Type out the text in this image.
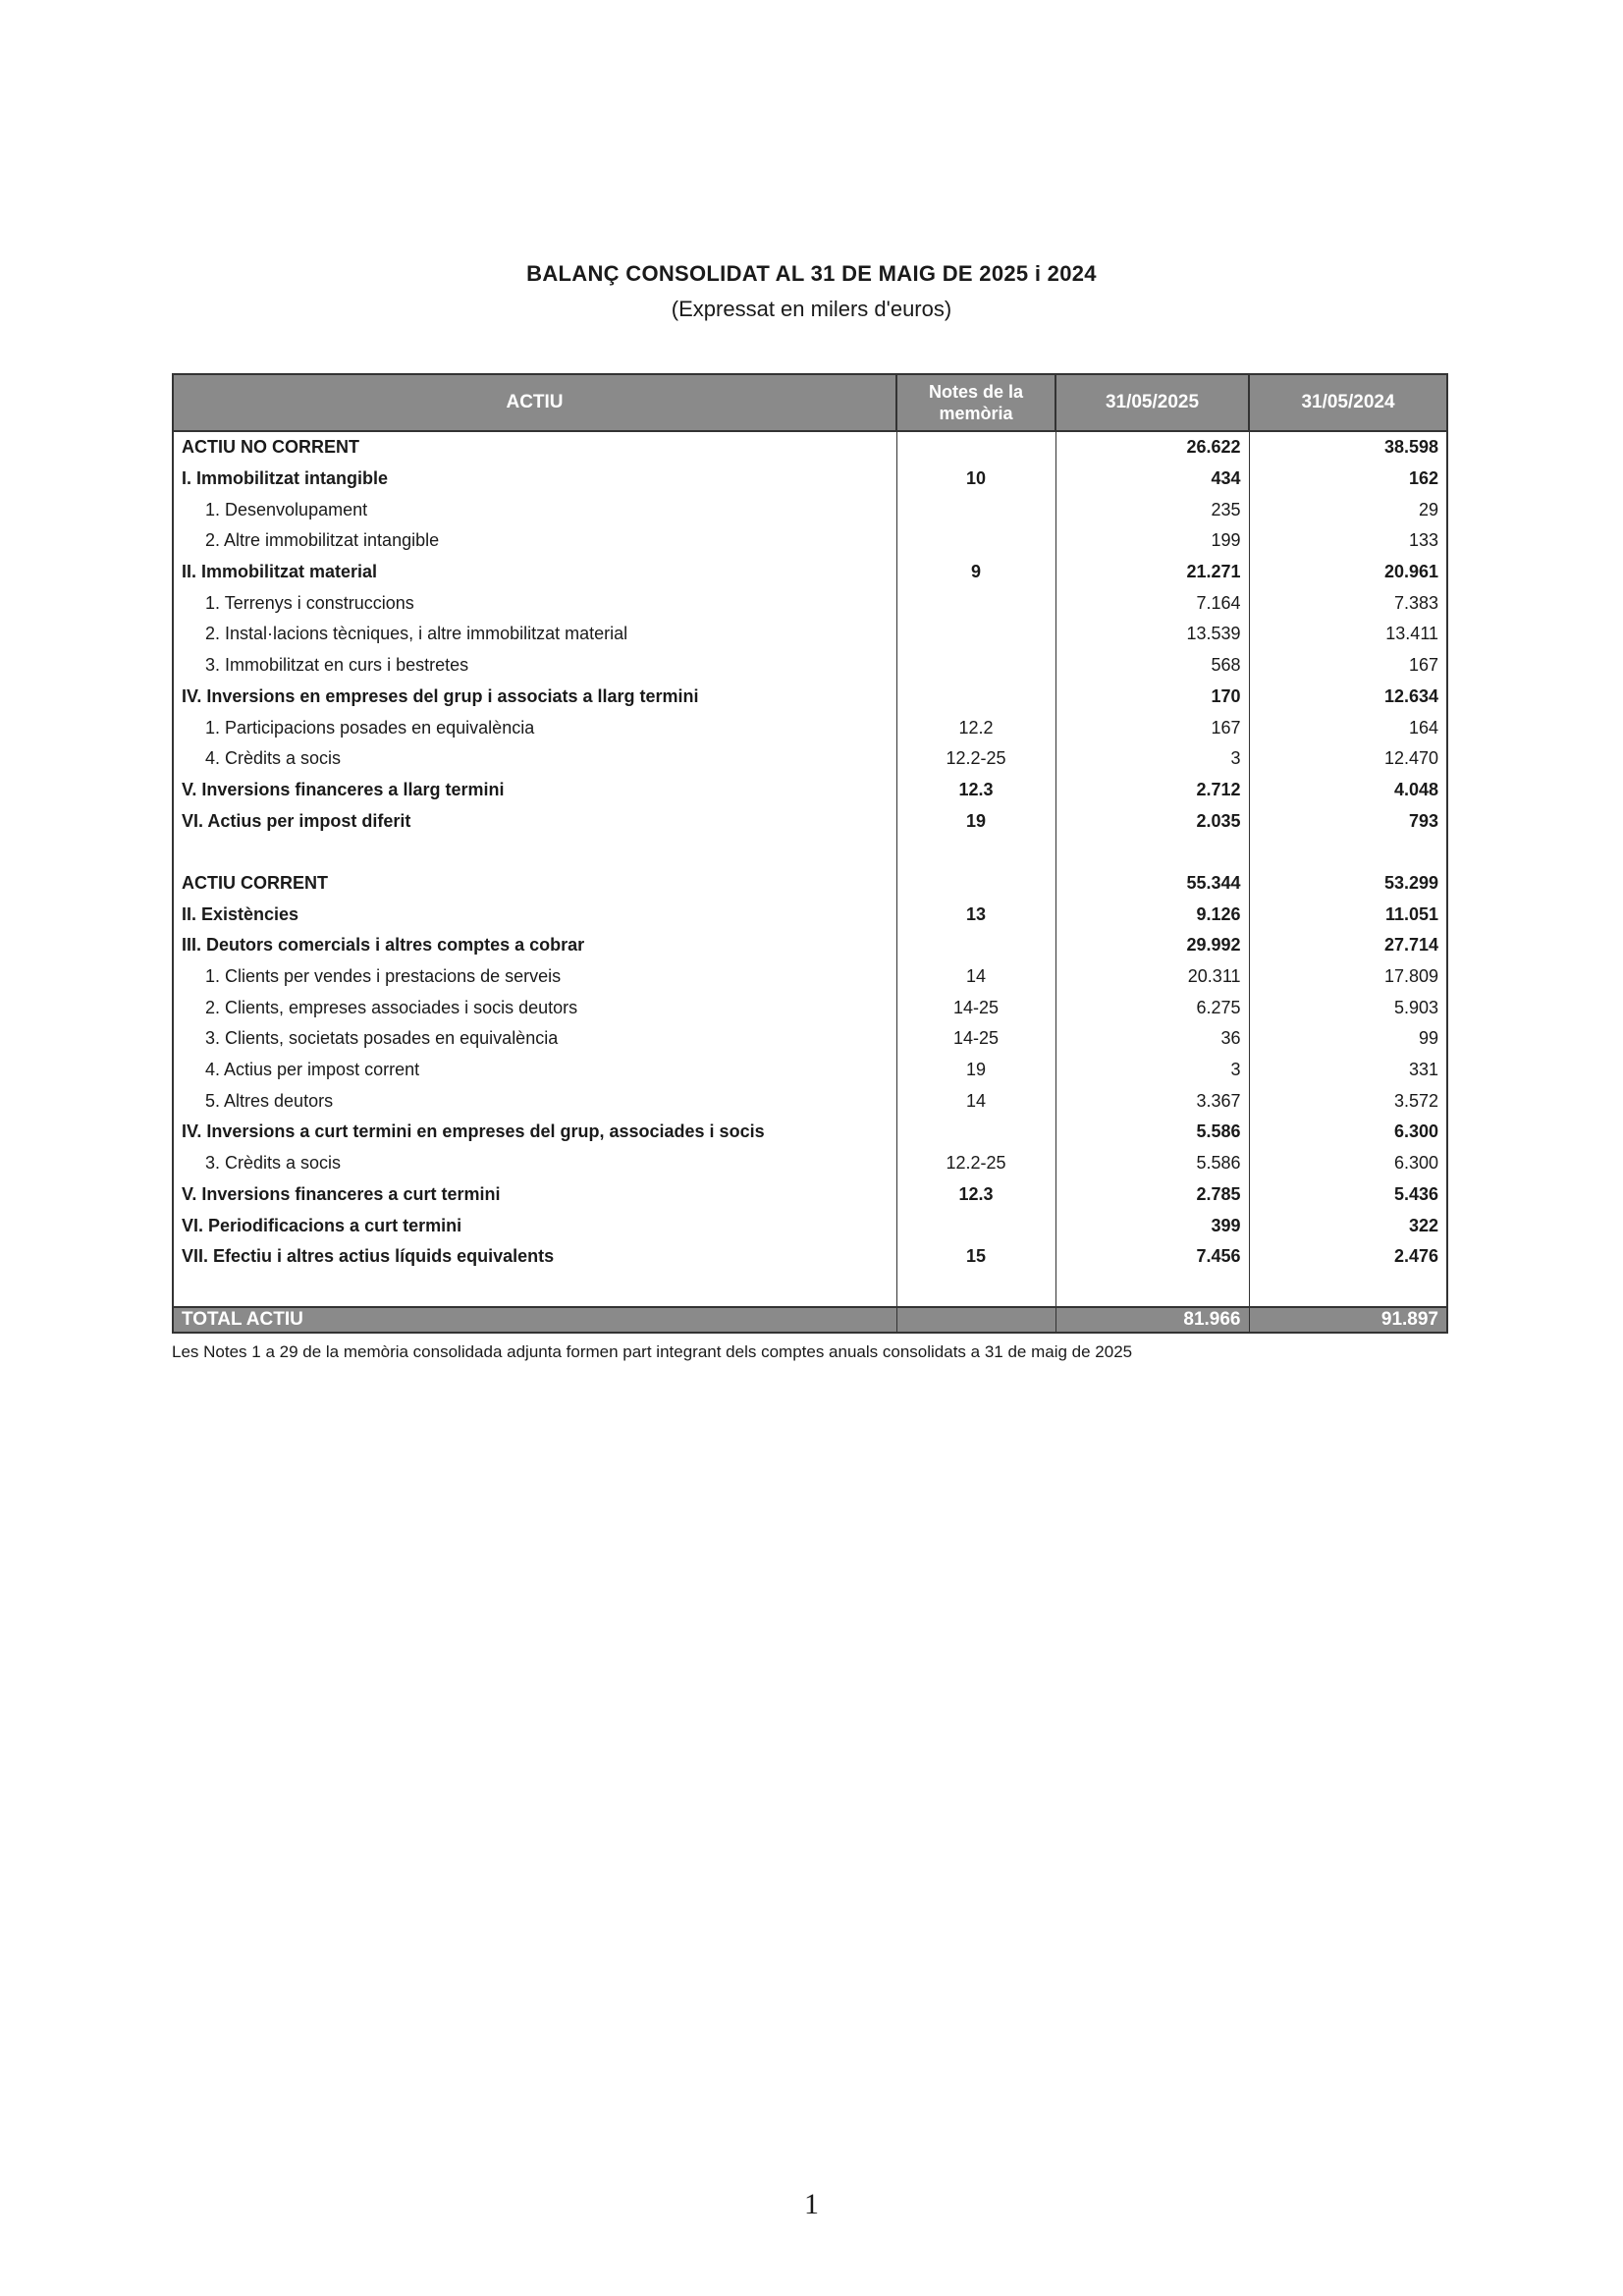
BALANÇ CONSOLIDAT AL 31 DE MAIG DE 2025 i 2024
(Expressat en milers d'euros)
ACTIU	Notes de la memòria	31/05/2025	31/05/2024
ACTIU NO CORRENT		26.622	38.598
I. Immobilitzat intangible	10	434	162
1. Desenvolupament		235	29
2. Altre immobilitzat intangible		199	133
II. Immobilitzat material	9	21.271	20.961
1. Terrenys i construccions		7.164	7.383
2. Instal·lacions tècniques, i altre immobilitzat material		13.539	13.411
3. Immobilitzat en curs i bestretes		568	167
IV. Inversions en empreses del grup i associats a llarg termini		170	12.634
1. Participacions posades en equivalència	12.2	167	164
4. Crèdits a socis	12.2-25	3	12.470
V. Inversions financeres a llarg termini	12.3	2.712	4.048
VI. Actius per impost diferit	19	2.035	793

ACTIU CORRENT		55.344	53.299
II. Existències	13	9.126	11.051
III. Deutors comercials i altres comptes a cobrar		29.992	27.714
1. Clients per vendes i prestacions de serveis	14	20.311	17.809
2. Clients, empreses associades i socis deutors	14-25	6.275	5.903
3. Clients, societats posades en equivalència	14-25	36	99
4. Actius per impost corrent	19	3	331
5. Altres deutors	14	3.367	3.572
IV. Inversions a curt termini en empreses del grup, associades i socis		5.586	6.300
3. Crèdits a socis	12.2-25	5.586	6.300
V. Inversions financeres a curt termini	12.3	2.785	5.436
VI. Periodificacions a curt termini		399	322
VII. Efectiu i altres actius líquids equivalents	15	7.456	2.476

TOTAL ACTIU		81.966	91.897
Les Notes 1 a 29 de la memòria consolidada adjunta formen part integrant dels comptes anuals consolidats a 31 de maig de 2025
1
